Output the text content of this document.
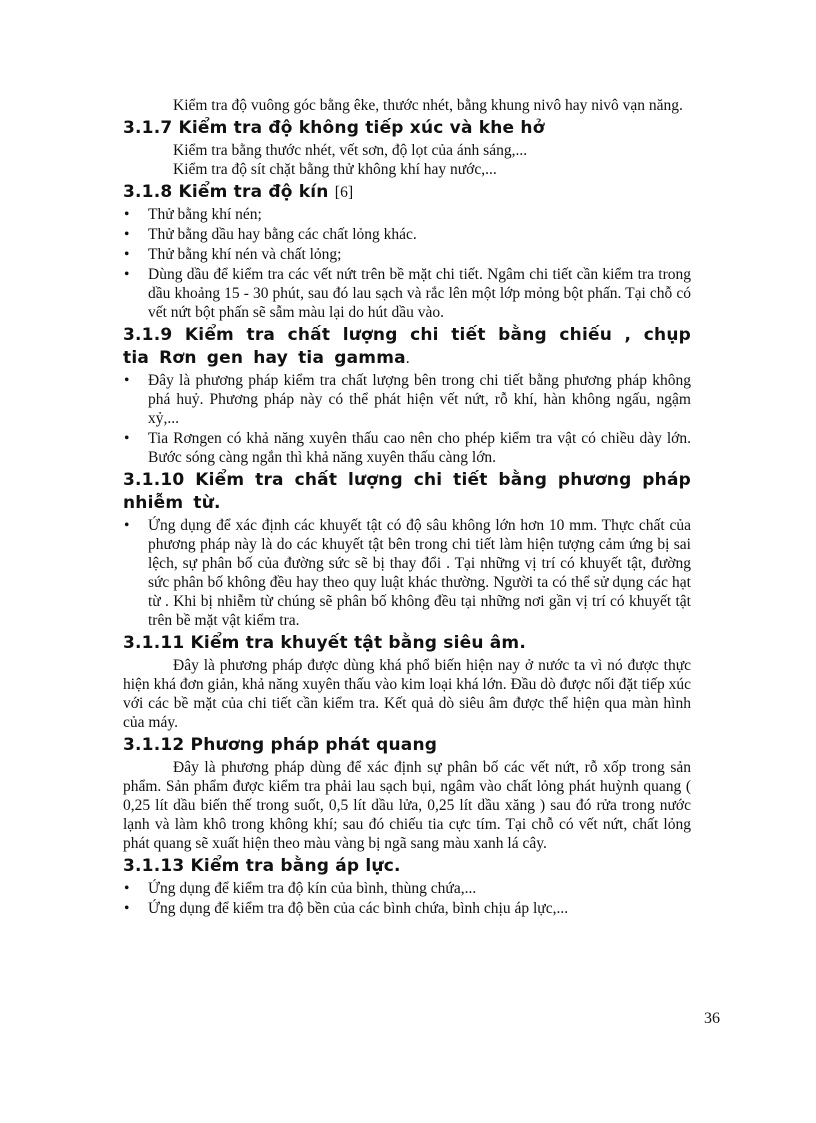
Kiểm tra độ vuông góc bằng êke, thước nhét, bằng khung nivô hay nivô vạn năng.

3.1.7 Kiểm tra độ không tiếp xúc và khe hở

Kiểm tra bằng thước nhét, vết sơn, độ lọt của ánh sáng,...

Kiểm tra độ sít chặt bằng thử không khí hay nước,...

3.1.8 Kiểm tra độ kín [6]
• Thử bằng khí nén;
• Thử bằng dầu hay bằng các chất lỏng khác.
• Thử bằng khí nén và chất lỏng;
• Dùng dầu để kiểm tra các vết nứt trên bề mặt chi tiết. Ngâm chi tiết cần kiểm tra trong dầu khoảng 15 - 30 phút, sau đó lau sạch và rắc lên một lớp mỏng bột phấn. Tại chỗ có vết nứt bột phấn sẽ sẫm màu lại do hút dầu vào.
3.1.9 Kiểm tra chất lượng chi tiết bằng chiếu , chụp tia Rơn gen hay tia gamma.
• Đây là phương pháp kiểm tra chất lượng bên trong chi tiết bằng phương pháp không phá huỷ. Phương pháp này có thể phát hiện vết nứt, rỗ khí, hàn không ngấu, ngậm xỷ,...
• Tia Rơngen có khả năng xuyên thấu cao nên cho phép kiểm tra vật có chiều dày lớn. Bước sóng càng ngắn thì khả năng xuyên thấu càng lớn.
3.1.10 Kiểm tra chất lượng chi tiết bằng phương pháp nhiễm từ.
• Ứng dụng để xác định các khuyết tật có độ sâu không lớn hơn 10 mm. Thực chất của phương pháp này là do các khuyết tật bên trong chi tiết làm hiện tượng cảm ứng bị sai lệch, sự phân bố của đường sức sẽ bị thay đổi . Tại những vị trí có khuyết tật, đường sức phân bố không đều hay theo quy luật khác thường. Người ta có thể sử dụng các hạt từ . Khi bị nhiễm từ chúng sẽ phân bố không đều tại những nơi gần vị trí có khuyết tật trên bề mặt vật kiểm tra.
3.1.11 Kiểm tra khuyết tật bằng siêu âm.

Đây là phương pháp được dùng khá phổ biến hiện nay ở nước ta vì nó được thực hiện khá đơn giản, khả năng xuyên thấu vào kim loại khá lớn. Đầu dò được nối đặt tiếp xúc với các bề mặt của chi tiết cần kiểm tra. Kết quả dò siêu âm được thể hiện qua màn hình của máy.

3.1.12 Phương pháp phát quang

Đây là phương pháp dùng để xác định sự phân bố các vết nứt, rỗ xốp trong sản phẩm. Sản phẩm được kiểm tra phải lau sạch bụi, ngâm vào chất lỏng phát huỳnh quang ( 0,25 lít dầu biến thế trong suốt, 0,5 lít dầu lửa, 0,25 lít dầu xăng ) sau đó rửa trong nước lạnh và làm khô trong không khí; sau đó chiếu tia cực tím. Tại chỗ có vết nứt, chất lỏng phát quang sẽ xuất hiện theo màu vàng bị ngã sang màu xanh lá cây.

3.1.13 Kiểm tra bằng áp lực.
• Ứng dụng để kiểm tra độ kín của bình, thùng chứa,...
• Ứng dụng để kiểm tra độ bền của các bình chứa, bình chịu áp lực,...
36
